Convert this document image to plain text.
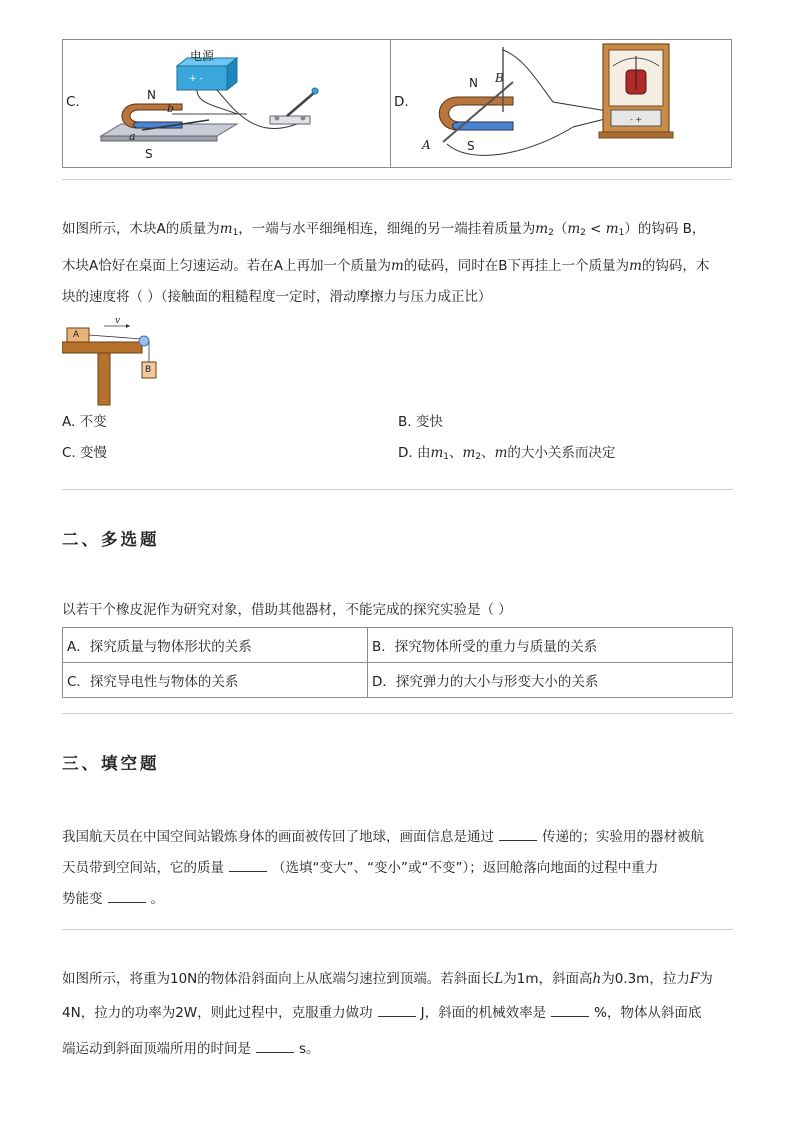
C.
+ -
电源
N
S
a
b	D.
- +
N
S
A
B
如图所示，木块A的质量为$m_1$，一端与水平细绳相连，细绳的另一端挂着质量为$m_2(m_2 < m_1)$的钩码 B，
木块A恰好在桌面上匀速运动。若在A上再加一个质量为m的砝码，同时在B下再挂上一个质量为m的钩码，木
块的速度将（ ）（接触面的粗糙程度一定时，滑动摩擦力与压力成正比）
A
B
v
A. 不变	B. 变快
C. 变慢	D. 由$m_1$、$m_2$、m的大小关系而决定
二、多选题
以若干个橡皮泥作为研究对象，借助其他器材，不能完成的探究实验是（ ）
A．探究质量与物体形状的关系	B．探究物体所受的重力与质量的关系
C．探究导电性与物体的关系	D．探究弹力的大小与形变大小的关系
三、填空题
我国航天员在中国空间站锻炼身体的画面被传回了地球，画面信息是通过	传递的；实验用的器材被航
天员带到空间站，它的质量	（选填“变大”、“变小”或“不变”）；返回舱落向地面的过程中重力
势能变	。
如图所示，将重为10N的物体沿斜面向上从底端匀速拉到顶端。若斜面长L为1m，斜面高h为0.3m，拉力F为
4N，拉力的功率为2W，则此过程中，克服重力做功	J，斜面的机械效率是	%，物体从斜面底
端运动到斜面顶端所用的时间是	s。
